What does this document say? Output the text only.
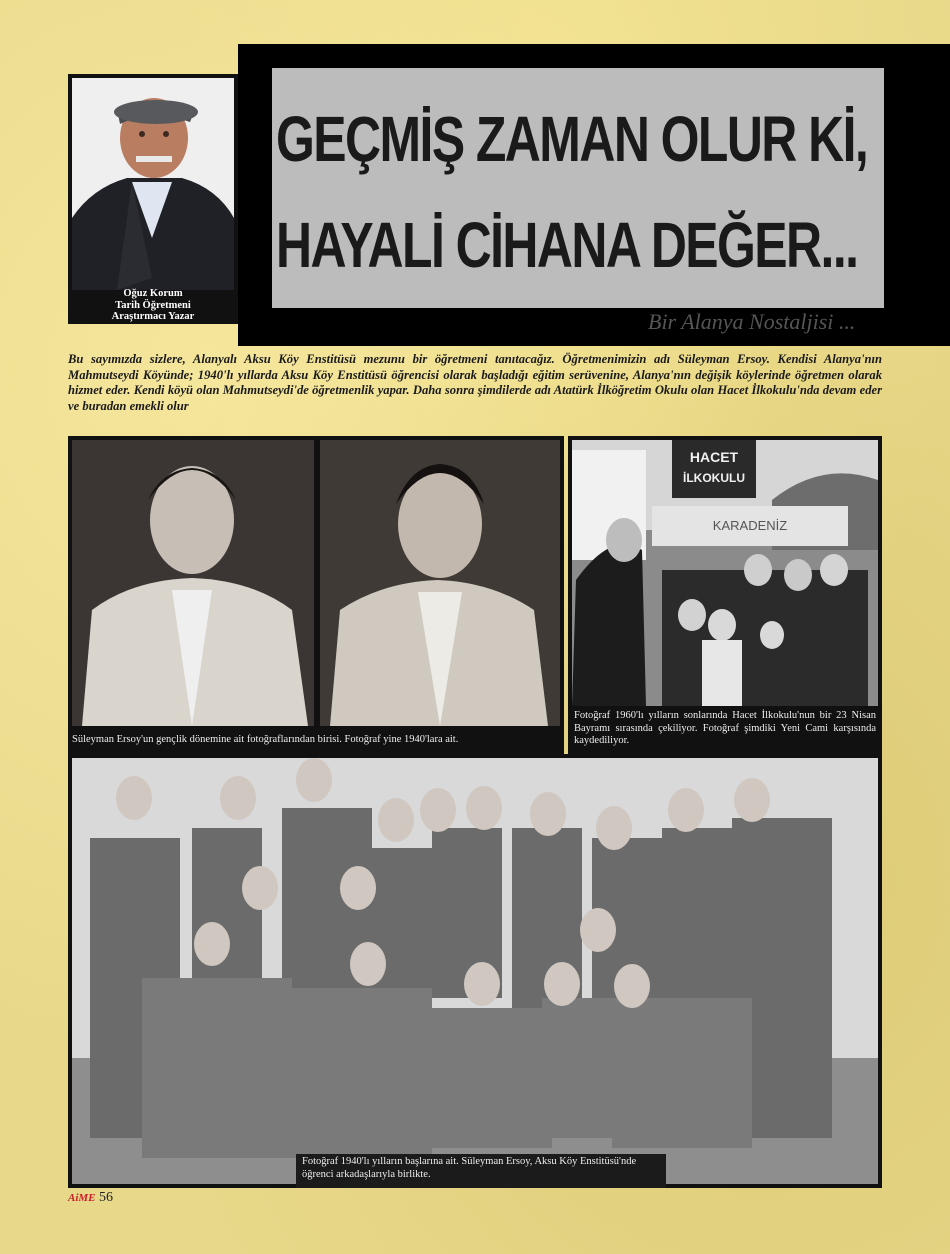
Oğuz Korum
Tarih Öğretmeni
Araştırmacı Yazar
GEÇMİŞ ZAMAN OLUR Kİ,
HAYALİ CİHANA DEĞER...
Bir Alanya Nostaljisi ...
Bu sayımızda sizlere, Alanyalı Aksu Köy Enstitüsü mezunu bir öğretmeni tanıtacağız. Öğretmenimizin adı Süleyman Ersoy. Kendisi Alanya'nın Mahmutseydi Köyünde; 1940'lı yıllarda Aksu Köy Enstitüsü öğrencisi olarak başladığı eğitim serüvenine, Alanya'nın değişik köylerinde öğretmen olarak hizmet eder. Kendi köyü olan Mahmutseydi'de öğretmenlik yapar. Daha sonra şimdilerde adı Atatürk İlköğretim Okulu olan Hacet İlkokulu'nda devam eder ve buradan emekli olur
Süleyman Ersoy'un gençlik dönemine ait fotoğraflarından birisi. Fotoğraf yine 1940'lara ait.
HACET
İLKOKULU
KARADENİZ
Fotoğraf 1960'lı yılların sonlarında Hacet İlkokulu'nun bir 23 Nisan Bayramı sırasında çekiliyor. Fotoğraf şimdiki Yeni Cami karşısında kaydediliyor.
Fotoğraf 1940'lı yılların başlarına ait. Süleyman Ersoy, Aksu Köy Enstitüsü'nde öğrenci arkadaşlarıyla birlikte.
AiME 56
